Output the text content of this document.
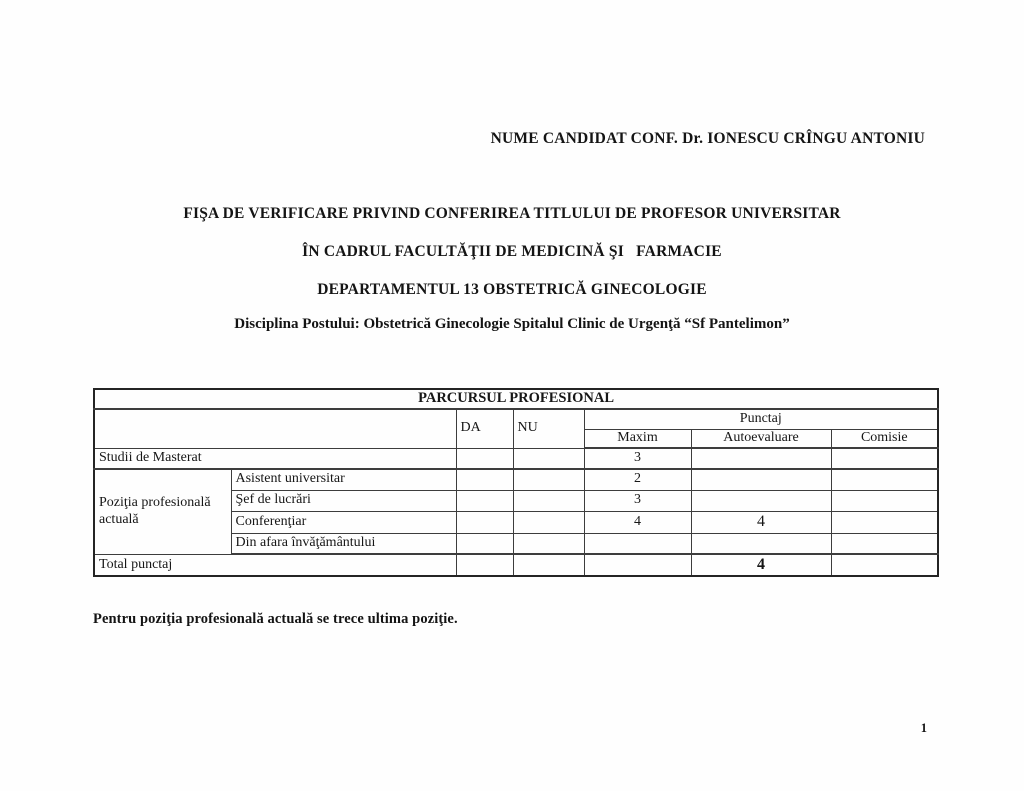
NUME CANDIDAT CONF. Dr. IONESCU CRÎNGU ANTONIU
FIŞA DE VERIFICARE PRIVIND CONFERIREA TITLULUI DE PROFESOR UNIVERSITAR
ÎN CADRUL FACULTĂŢII DE MEDICINĂ ŞI   FARMACIE
DEPARTAMENTUL 13 OBSTETRICĂ GINECOLOGIE
Disciplina Postului: Obstetrică Ginecologie Spitalul Clinic de Urgenţă “Sf Pantelimon”
PARCURSUL PROFESIONAL						
		DA	NU	Punctaj		
				Maxim	Autoevaluare	Comisie
Studii de Masterat				3		
Poziţia profesională actuală	Asistent universitar			2		
	Şef de lucrări			3		
	Conferenţiar			4	4	
	Din afara învăţământului					
Total punctaj					4	
Pentru poziţia profesională actuală se trece ultima poziţie.
1
